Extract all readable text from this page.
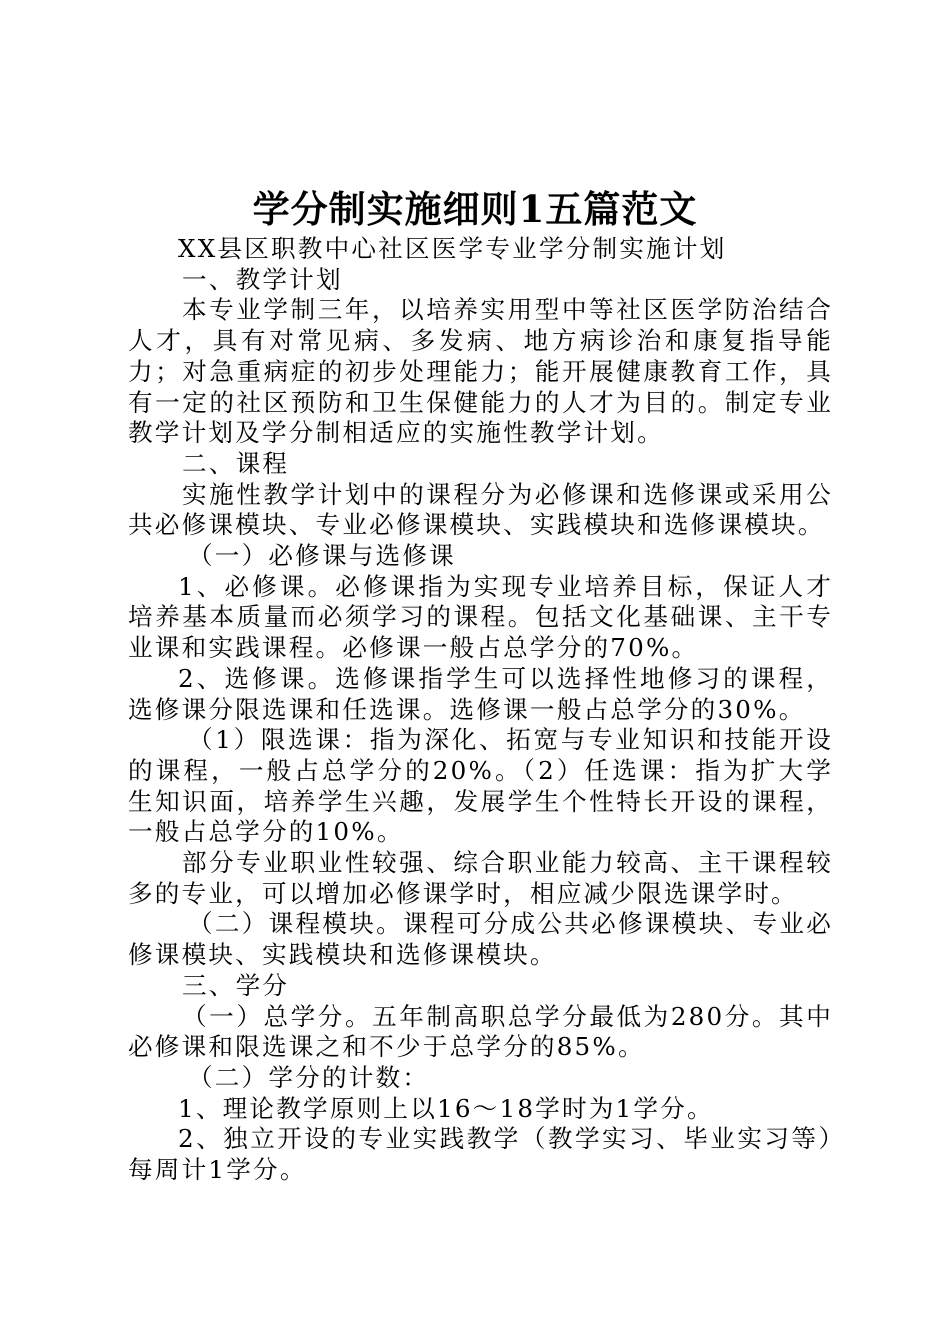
学分制实施细则1五篇范文

XX县区职教中心社区医学专业学分制实施计划

一、教学计划

本专业学制三年，以培养实用型中等社区医学防治结合人才，具有对常见病、多发病、地方病诊治和康复指导能力；对急重病症的初步处理能力；能开展健康教育工作，具有一定的社区预防和卫生保健能力的人才为目的。制定专业教学计划及学分制相适应的实施性教学计划。

二、课程

实施性教学计划中的课程分为必修课和选修课或采用公共必修课模块、专业必修课模块、实践模块和选修课模块。

（一）必修课与选修课

1、必修课。必修课指为实现专业培养目标，保证人才培养基本质量而必须学习的课程。包括文化基础课、主干专业课和实践课程。必修课一般占总学分的70%。

2、选修课。选修课指学生可以选择性地修习的课程，选修课分限选课和任选课。选修课一般占总学分的30%。

（1）限选课：指为深化、拓宽与专业知识和技能开设的课程，一般占总学分的20%。（2）任选课：指为扩大学生知识面，培养学生兴趣，发展学生个性特长开设的课程，一般占总学分的10%。

部分专业职业性较强、综合职业能力较高、主干课程较多的专业，可以增加必修课学时，相应减少限选课学时。

（二）课程模块。课程可分成公共必修课模块、专业必修课模块、实践模块和选修课模块。

三、学分

（一）总学分。五年制高职总学分最低为280分。其中必修课和限选课之和不少于总学分的85%。

（二）学分的计数：

1、理论教学原则上以16～18学时为1学分。

2、独立开设的专业实践教学（教学实习、毕业实习等）每周计1学分。
